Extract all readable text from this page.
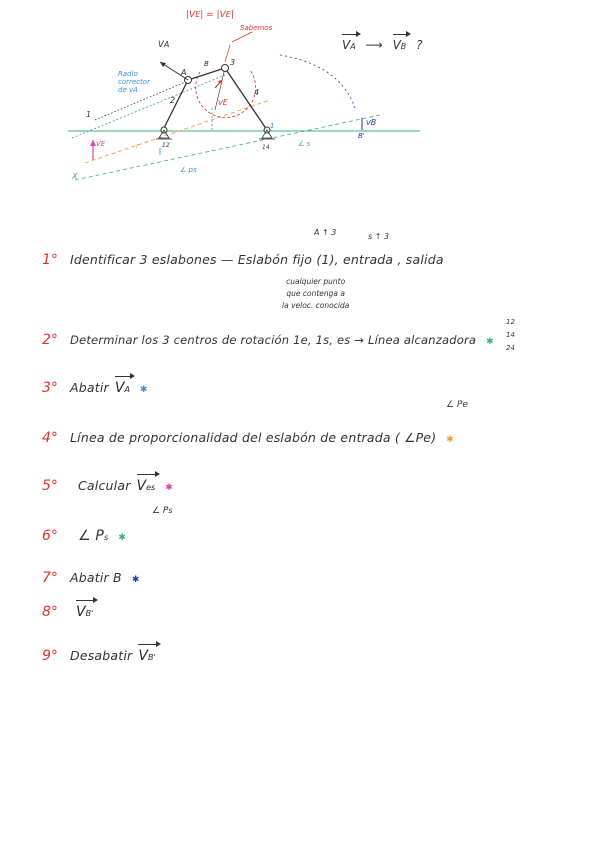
|VE| = |VE|
Sabemos
Radio
corrector
de vA
VA
A
B	3
2
4
12	14
1
1
VE	r	∠ s
∠ ps
VE
VB
B'
X
VA ⟶ VB ?
A ↑ 3	s ↑ 3
1° Identificar 3 eslabones — Eslabón fijo (1), entrada , salida
cualquier punto
que contenga a
la veloc. conocida
2°	Determinar los 3 centros de rotación 1e, 1s, es → Línea alcanzadora ✱
12
14
24
3° Abatir VA ✱
∠ Pe
4° Línea de proporcionalidad del eslabón de entrada ( ∠Pe) ✱
5°	Calcular Ves ✱
∠ Ps
6°	∠ Ps ✱
7° Abatir B ✱
8°	VB'
9° Desabatir VB'
